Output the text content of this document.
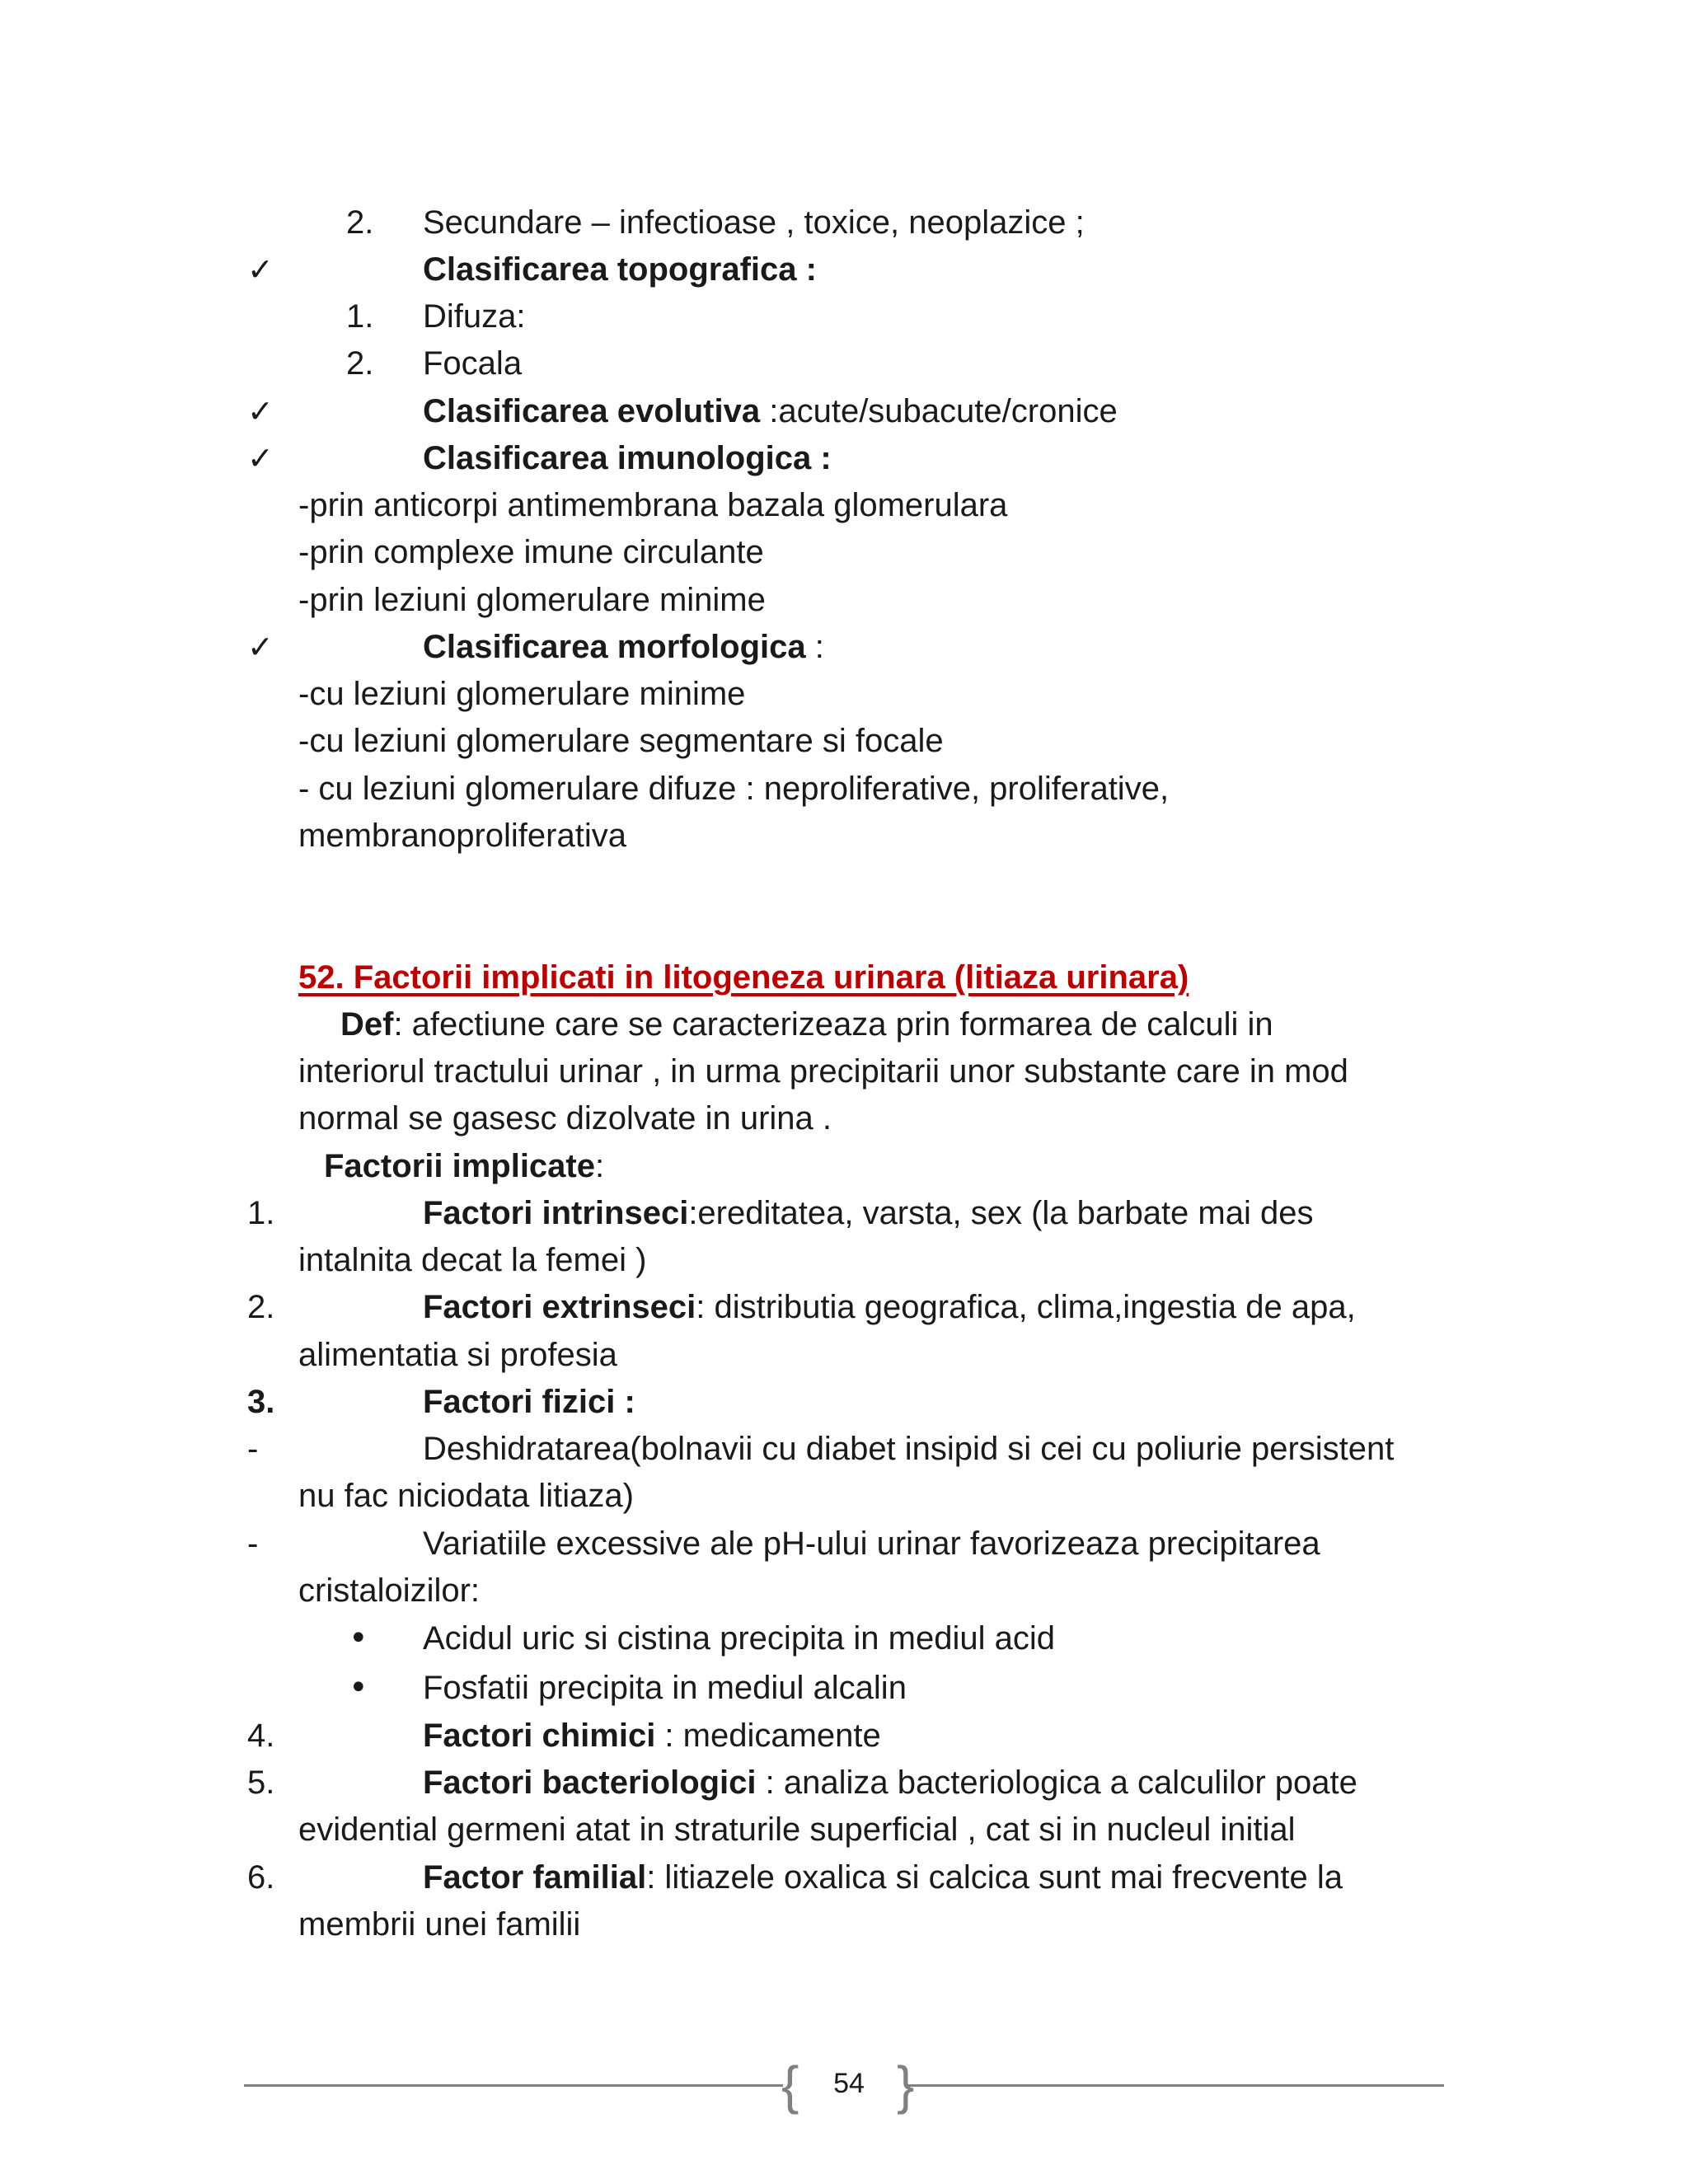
2. Secundare – infectioase , toxice, neoplazice ;
✓	Clasificarea topografica :
1. Difuza:
2. Focala
✓	Clasificarea evolutiva :acute/subacute/cronice
✓	Clasificarea imunologica :
-prin anticorpi antimembrana bazala glomerulara
-prin complexe imune circulante
-prin leziuni glomerulare minime
✓	Clasificarea morfologica :
-cu leziuni glomerulare minime
-cu leziuni glomerulare segmentare si focale
- cu leziuni glomerulare difuze : neproliferative, proliferative,
membranoproliferativa
52. Factorii implicati in litogeneza urinara (litiaza urinara)
Def: afectiune care se caracterizeaza prin formarea de calculi in
interiorul tractului urinar , in urma precipitarii unor substante care in mod
normal se gasesc dizolvate in urina .
Factorii implicate:
1.	Factori intrinseci:ereditatea, varsta, sex (la barbate mai des
intalnita decat la femei )
2.	Factori extrinseci: distributia geografica, clima,ingestia de apa,
alimentatia si profesia
3.	Factori fizici :
-	Deshidratarea(bolnavii cu diabet insipid si cei cu poliurie persistent
nu fac niciodata litiaza)
-	Variatiile excessive ale pH-ului urinar favorizeaza precipitarea
cristaloizilor:
• Acidul uric si cistina precipita in mediul acid
• Fosfatii precipita in mediul alcalin
4.	Factori chimici : medicamente
5.	Factori bacteriologici : analiza bacteriologica a calculilor poate
evidential germeni atat in straturile superficial , cat si in nucleul initial
6.	Factor familial: litiazele oxalica si calcica sunt mai frecvente la
membrii unei familii
{ }
54
